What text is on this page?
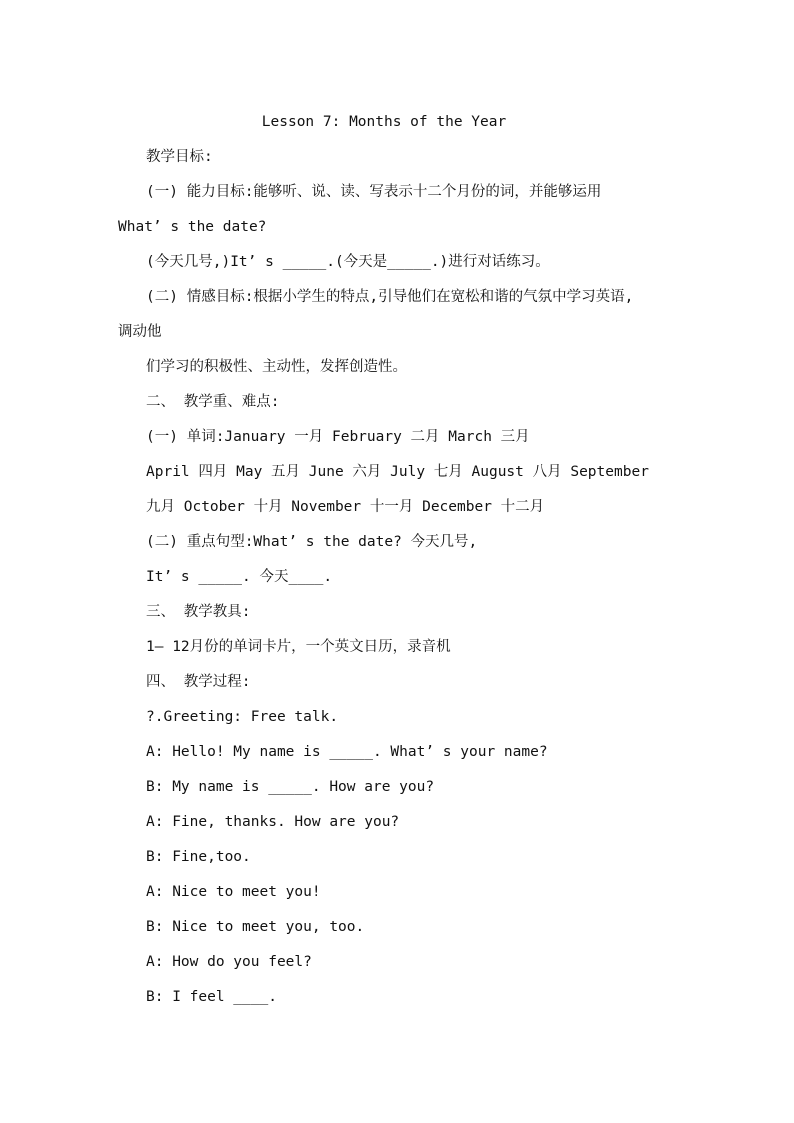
Lesson 7: Months of the Year
教学目标:
(一) 能力目标:能够听、说、读、写表示十二个月份的词，并能够运用
What’ s the date?
(今天几号,)It’ s _____.(今天是_____.)进行对话练习。
(二) 情感目标:根据小学生的特点,引导他们在宽松和谐的气氛中学习英语,
调动他
们学习的积极性、主动性，发挥创造性。
二、 教学重、难点:
(一) 单词:January 一月 February 二月 March 三月
April 四月 May 五月 June 六月 July 七月 August 八月 September
九月 October 十月 November 十一月 December 十二月
(二) 重点句型:What’ s the date? 今天几号,
It’ s _____. 今天____.
三、 教学教具:
1— 12月份的单词卡片，一个英文日历，录音机
四、 教学过程:
?.Greeting: Free talk.
A: Hello! My name is _____. What’ s your name?
B: My name is _____. How are you?
A: Fine, thanks. How are you?
B: Fine,too.
A: Nice to meet you!
B: Nice to meet you, too.
A: How do you feel?
B: I feel ____.
